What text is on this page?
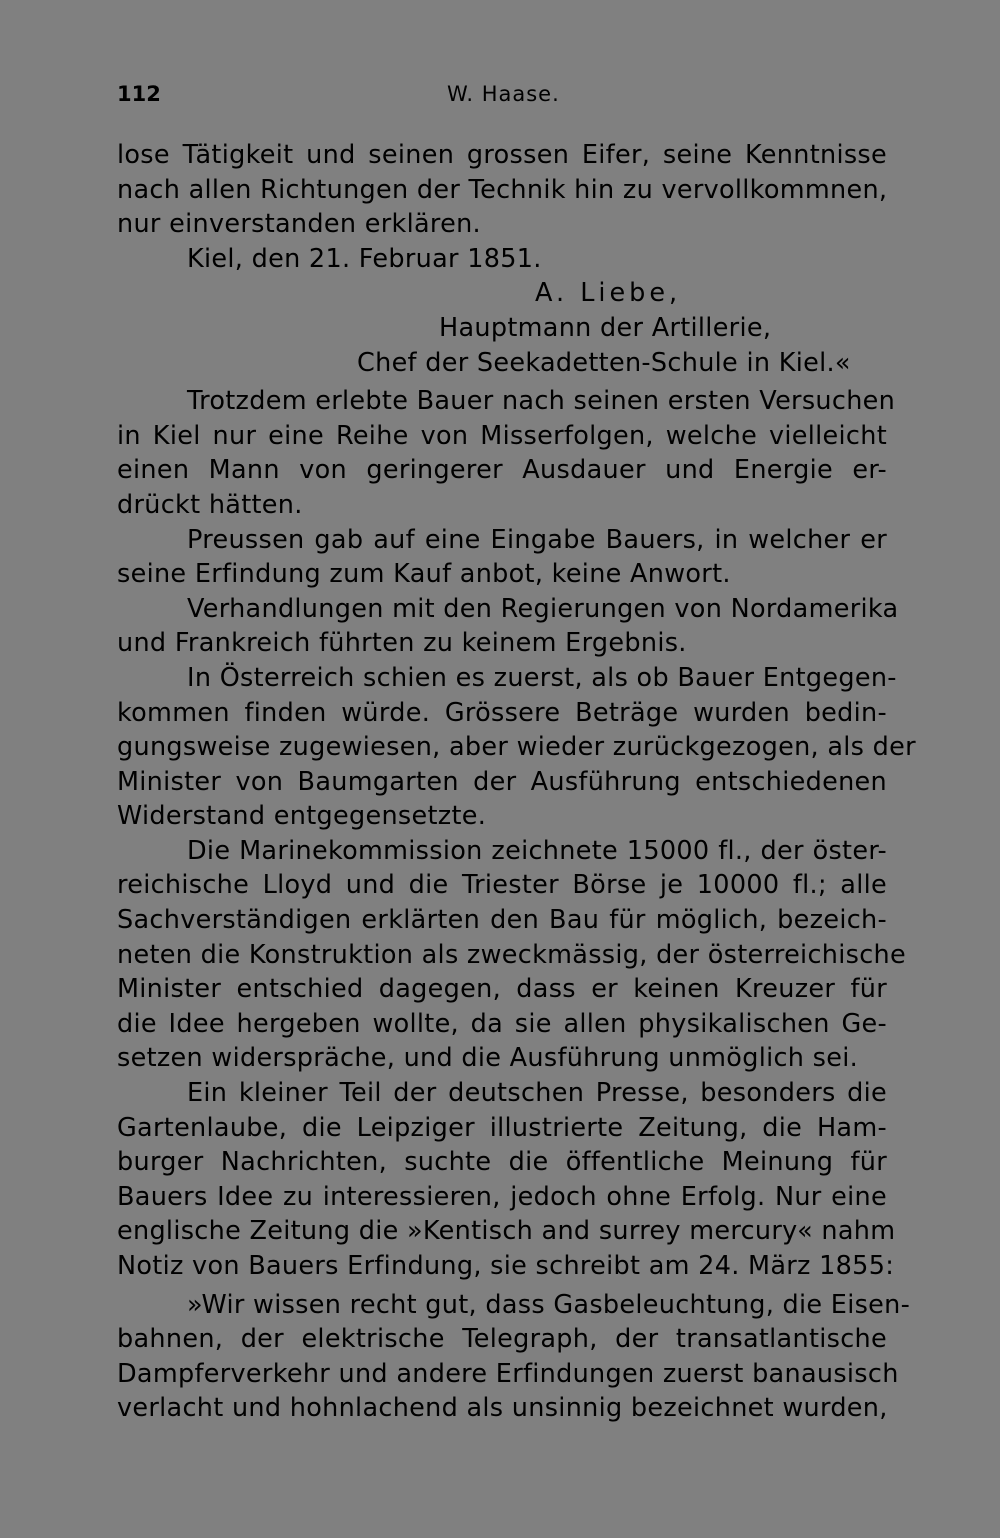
112	W. Haase.
lose Tätigkeit und seinen grossen Eifer, seine Kenntnisse
nach allen Richtungen der Technik hin zu vervollkommnen,
nur einverstanden erklären.
Kiel, den 21. Februar 1851.
A. Liebe,
Hauptmann der Artillerie,
Chef der Seekadetten-Schule in Kiel.«
Trotzdem erlebte Bauer nach seinen ersten Versuchen
in Kiel nur eine Reihe von Misserfolgen, welche vielleicht
einen Mann von geringerer Ausdauer und Energie er-
drückt hätten.
Preussen gab auf eine Eingabe Bauers, in welcher er
seine Erfindung zum Kauf anbot, keine Anwort.
Verhandlungen mit den Regierungen von Nordamerika
und Frankreich führten zu keinem Ergebnis.
In Österreich schien es zuerst, als ob Bauer Entgegen-
kommen finden würde. Grössere Beträge wurden bedin-
gungsweise zugewiesen, aber wieder zurückgezogen, als der
Minister von Baumgarten der Ausführung entschiedenen
Widerstand entgegensetzte.
Die Marinekommission zeichnete 15000 fl., der öster-
reichische Lloyd und die Triester Börse je 10000 fl.; alle
Sachverständigen erklärten den Bau für möglich, bezeich-
neten die Konstruktion als zweckmässig, der österreichische
Minister entschied dagegen, dass er keinen Kreuzer für
die Idee hergeben wollte, da sie allen physikalischen Ge-
setzen widerspräche, und die Ausführung unmöglich sei.
Ein kleiner Teil der deutschen Presse, besonders die
Gartenlaube, die Leipziger illustrierte Zeitung, die Ham-
burger Nachrichten, suchte die öffentliche Meinung für
Bauers Idee zu interessieren, jedoch ohne Erfolg. Nur eine
englische Zeitung die »Kentisch and surrey mercury« nahm
Notiz von Bauers Erfindung, sie schreibt am 24. März 1855:
»Wir wissen recht gut, dass Gasbeleuchtung, die Eisen-
bahnen, der elektrische Telegraph, der transatlantische
Dampferverkehr und andere Erfindungen zuerst banausisch
verlacht und hohnlachend als unsinnig bezeichnet wurden,
